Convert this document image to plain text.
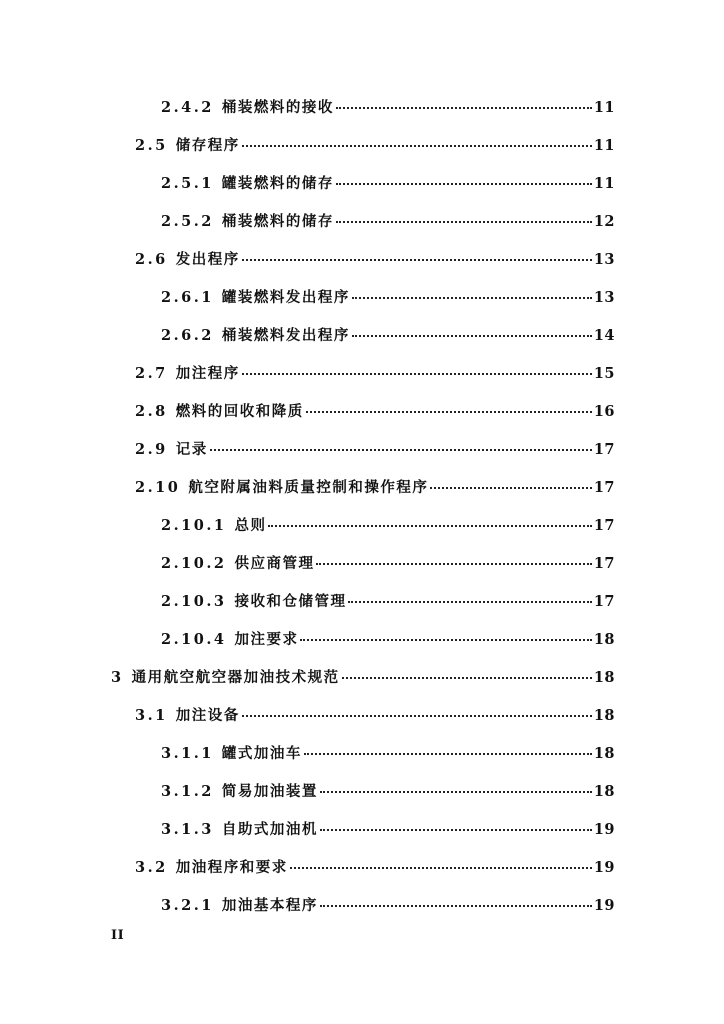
2.4.2 桶装燃料的接收	11
2.5 储存程序	11
2.5.1 罐装燃料的储存	11
2.5.2 桶装燃料的储存	12
2.6 发出程序	13
2.6.1 罐装燃料发出程序	13
2.6.2 桶装燃料发出程序	14
2.7 加注程序	15
2.8 燃料的回收和降质	16
2.9 记录	17
2.10 航空附属油料质量控制和操作程序	17
2.10.1 总则	17
2.10.2 供应商管理	17
2.10.3 接收和仓储管理	17
2.10.4 加注要求	18
3 通用航空航空器加油技术规范	18
3.1 加注设备	18
3.1.1 罐式加油车	18
3.1.2 简易加油装置	18
3.1.3 自助式加油机	19
3.2 加油程序和要求	19
3.2.1 加油基本程序	19
II
